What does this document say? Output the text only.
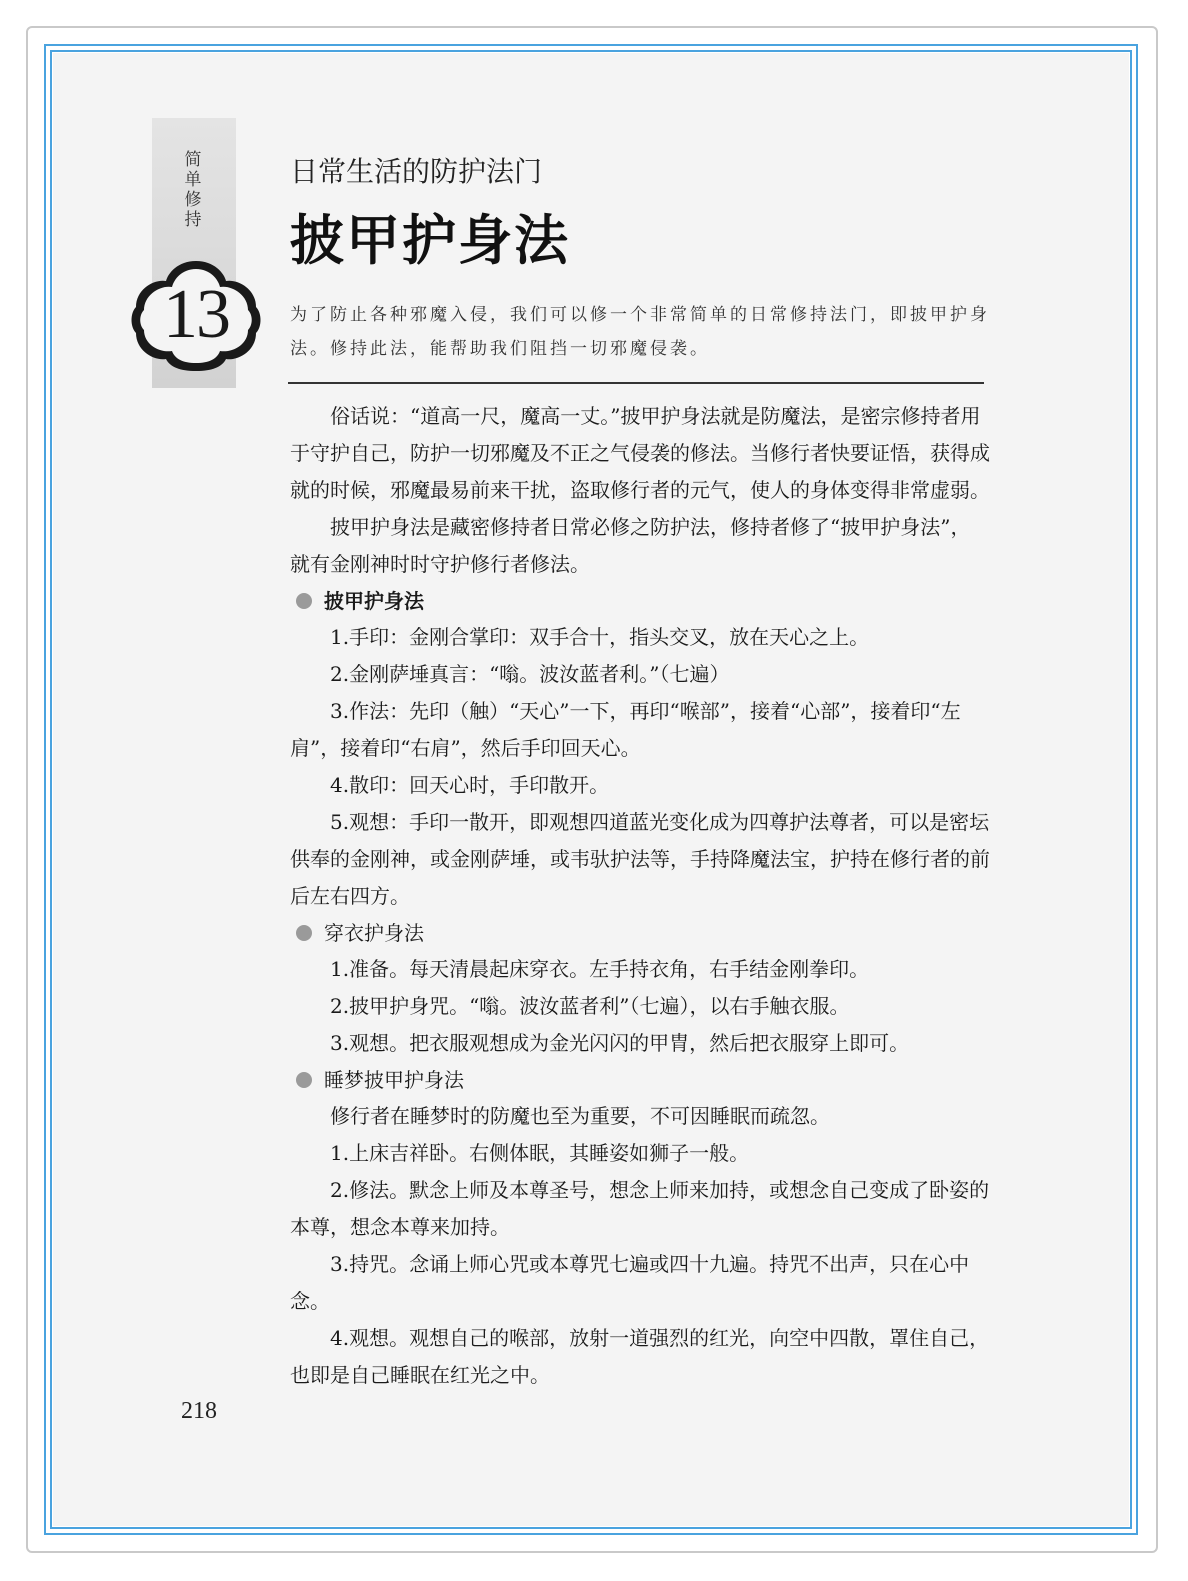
简单修持
13
日常生活的防护法门
披甲护身法
为了防止各种邪魔入侵，我们可以修一个非常简单的日常修持法门，即披甲护身法。修持此法，能帮助我们阻挡一切邪魔侵袭。

俗话说：“道高一尺，魔高一丈。”披甲护身法就是防魔法，是密宗修持者用于守护自己，防护一切邪魔及不正之气侵袭的修法。当修行者快要证悟，获得成就的时候，邪魔最易前来干扰，盗取修行者的元气，使人的身体变得非常虚弱。

披甲护身法是藏密修持者日常必修之防护法，修持者修了“披甲护身法”，就有金刚神时时守护修行者修法。

披甲护身法

1.手印：金刚合掌印：双手合十，指头交叉，放在天心之上。

2.金刚萨埵真言：“嗡。波汝蓝者利。”（七遍）

3.作法：先印（触）“天心”一下，再印“喉部”，接着“心部”，接着印“左肩”，接着印“右肩”，然后手印回天心。

4.散印：回天心时，手印散开。

5.观想：手印一散开，即观想四道蓝光变化成为四尊护法尊者，可以是密坛供奉的金刚神，或金刚萨埵，或韦驮护法等，手持降魔法宝，护持在修行者的前后左右四方。

穿衣护身法

1.准备。每天清晨起床穿衣。左手持衣角，右手结金刚拳印。

2.披甲护身咒。“嗡。波汝蓝者利”（七遍），以右手触衣服。

3.观想。把衣服观想成为金光闪闪的甲胄，然后把衣服穿上即可。

睡梦披甲护身法

修行者在睡梦时的防魔也至为重要，不可因睡眠而疏忽。

1.上床吉祥卧。右侧体眠，其睡姿如狮子一般。

2.修法。默念上师及本尊圣号，想念上师来加持，或想念自己变成了卧姿的本尊，想念本尊来加持。

3.持咒。念诵上师心咒或本尊咒七遍或四十九遍。持咒不出声，只在心中念。

4.观想。观想自己的喉部，放射一道强烈的红光，向空中四散，罩住自己，也即是自己睡眠在红光之中。

218
